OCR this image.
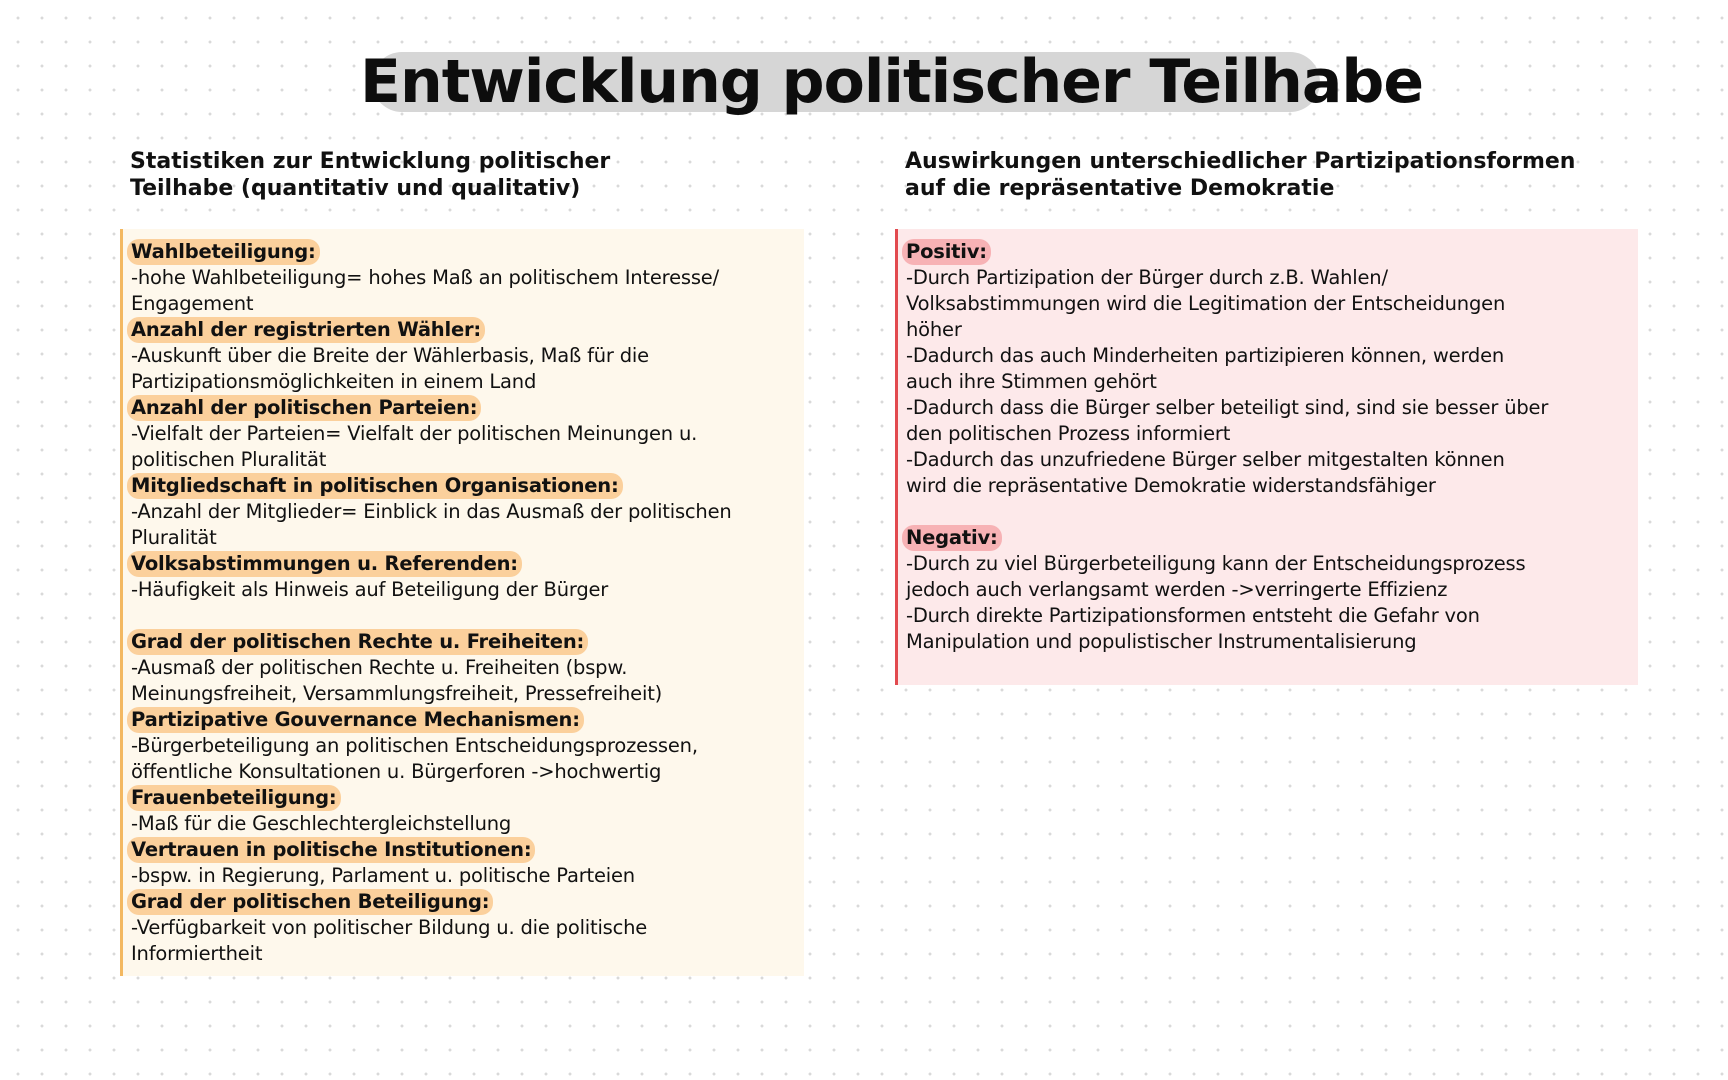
Entwicklung politischer Teilhabe
Statistiken zur Entwicklung politischer
Teilhabe (quantitativ und qualitativ)
Auswirkungen unterschiedlicher Partizipationsformen
auf die repräsentative Demokratie
Wahlbeteiligung:
-hohe Wahlbeteiligung= hohes Maß an politischem Interesse/
Engagement
Anzahl der registrierten Wähler:
-Auskunft über die Breite der Wählerbasis, Maß für die
Partizipationsmöglichkeiten in einem Land
Anzahl der politischen Parteien:
-Vielfalt der Parteien= Vielfalt der politischen Meinungen u.
politischen Pluralität
Mitgliedschaft in politischen Organisationen:
-Anzahl der Mitglieder= Einblick in das Ausmaß der politischen
Pluralität
Volksabstimmungen u. Referenden:
-Häufigkeit als Hinweis auf Beteiligung der Bürger
Grad der politischen Rechte u. Freiheiten:
-Ausmaß der politischen Rechte u. Freiheiten (bspw.
Meinungsfreiheit, Versammlungsfreiheit, Pressefreiheit)
Partizipative Gouvernance Mechanismen:
-Bürgerbeteiligung an politischen Entscheidungsprozessen,
öffentliche Konsultationen u. Bürgerforen ->hochwertig
Frauenbeteiligung:
-Maß für die Geschlechtergleichstellung
Vertrauen in politische Institutionen:
-bspw. in Regierung, Parlament u. politische Parteien
Grad der politischen Beteiligung:
-Verfügbarkeit von politischer Bildung u. die politische
Informiertheit
Positiv:
-Durch Partizipation der Bürger durch z.B. Wahlen/
Volksabstimmungen wird die Legitimation der Entscheidungen
höher
-Dadurch das auch Minderheiten partizipieren können, werden
auch ihre Stimmen gehört
-Dadurch dass die Bürger selber beteiligt sind, sind sie besser über
den politischen Prozess informiert
-Dadurch das unzufriedene Bürger selber mitgestalten können
wird die repräsentative Demokratie widerstandsfähiger
Negativ:
-Durch zu viel Bürgerbeteiligung kann der Entscheidungsprozess
jedoch auch verlangsamt werden ->verringerte Effizienz
-Durch direkte Partizipationsformen entsteht die Gefahr von
Manipulation und populistischer Instrumentalisierung
